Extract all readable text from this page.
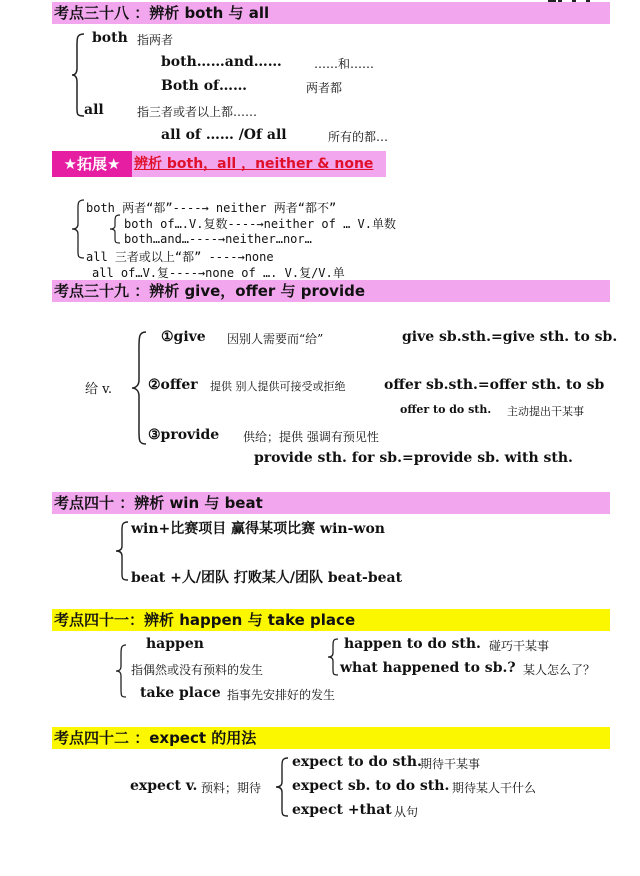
考点三十八 ：辨析 both 与 all
both 指两者
both……and……	……和……
Both of……	两者都
all	指三者或者以上都……
all of …… /Of all	所有的都…
★拓展★ 辨析 both，all ，neither & none
both 两者“都”----→ neither 两者“都不”
both of….V.复数----→neither of … V.单数
both…and…----→neither…nor…
all 三者或以上“都” ----→none
all of…V.复----→none of …. V.复/V.单
考点三十九 ：辨析 give，offer 与 provide
给 v.
①give 因别人需要而“给”	give sb.sth.=give sth. to sb.
②offer 提供 别人提供可接受或拒绝	offer sb.sth.=offer sth. to sb
offer to do sth. 主动提出干某事
③provide 供给；提供 强调有预见性
provide sth. for sb.=provide sb. with sth.
考点四十 ：辨析 win 与 beat
win+比赛项目 赢得某项比赛 win-won
beat +人/团队 打败某人/团队 beat-beat
考点四十一：辨析 happen 与 take place
happen
指偶然或没有预料的发生
take place 指事先安排好的发生
happen to do sth. 碰巧干某事
what happened to sb.? 某人怎么了？
考点四十二 ：expect 的用法
expect v. 预料；期待
expect to do sth.
期待干某事
expect sb. to do sth. 期待某人干什么
expect +that 从句
